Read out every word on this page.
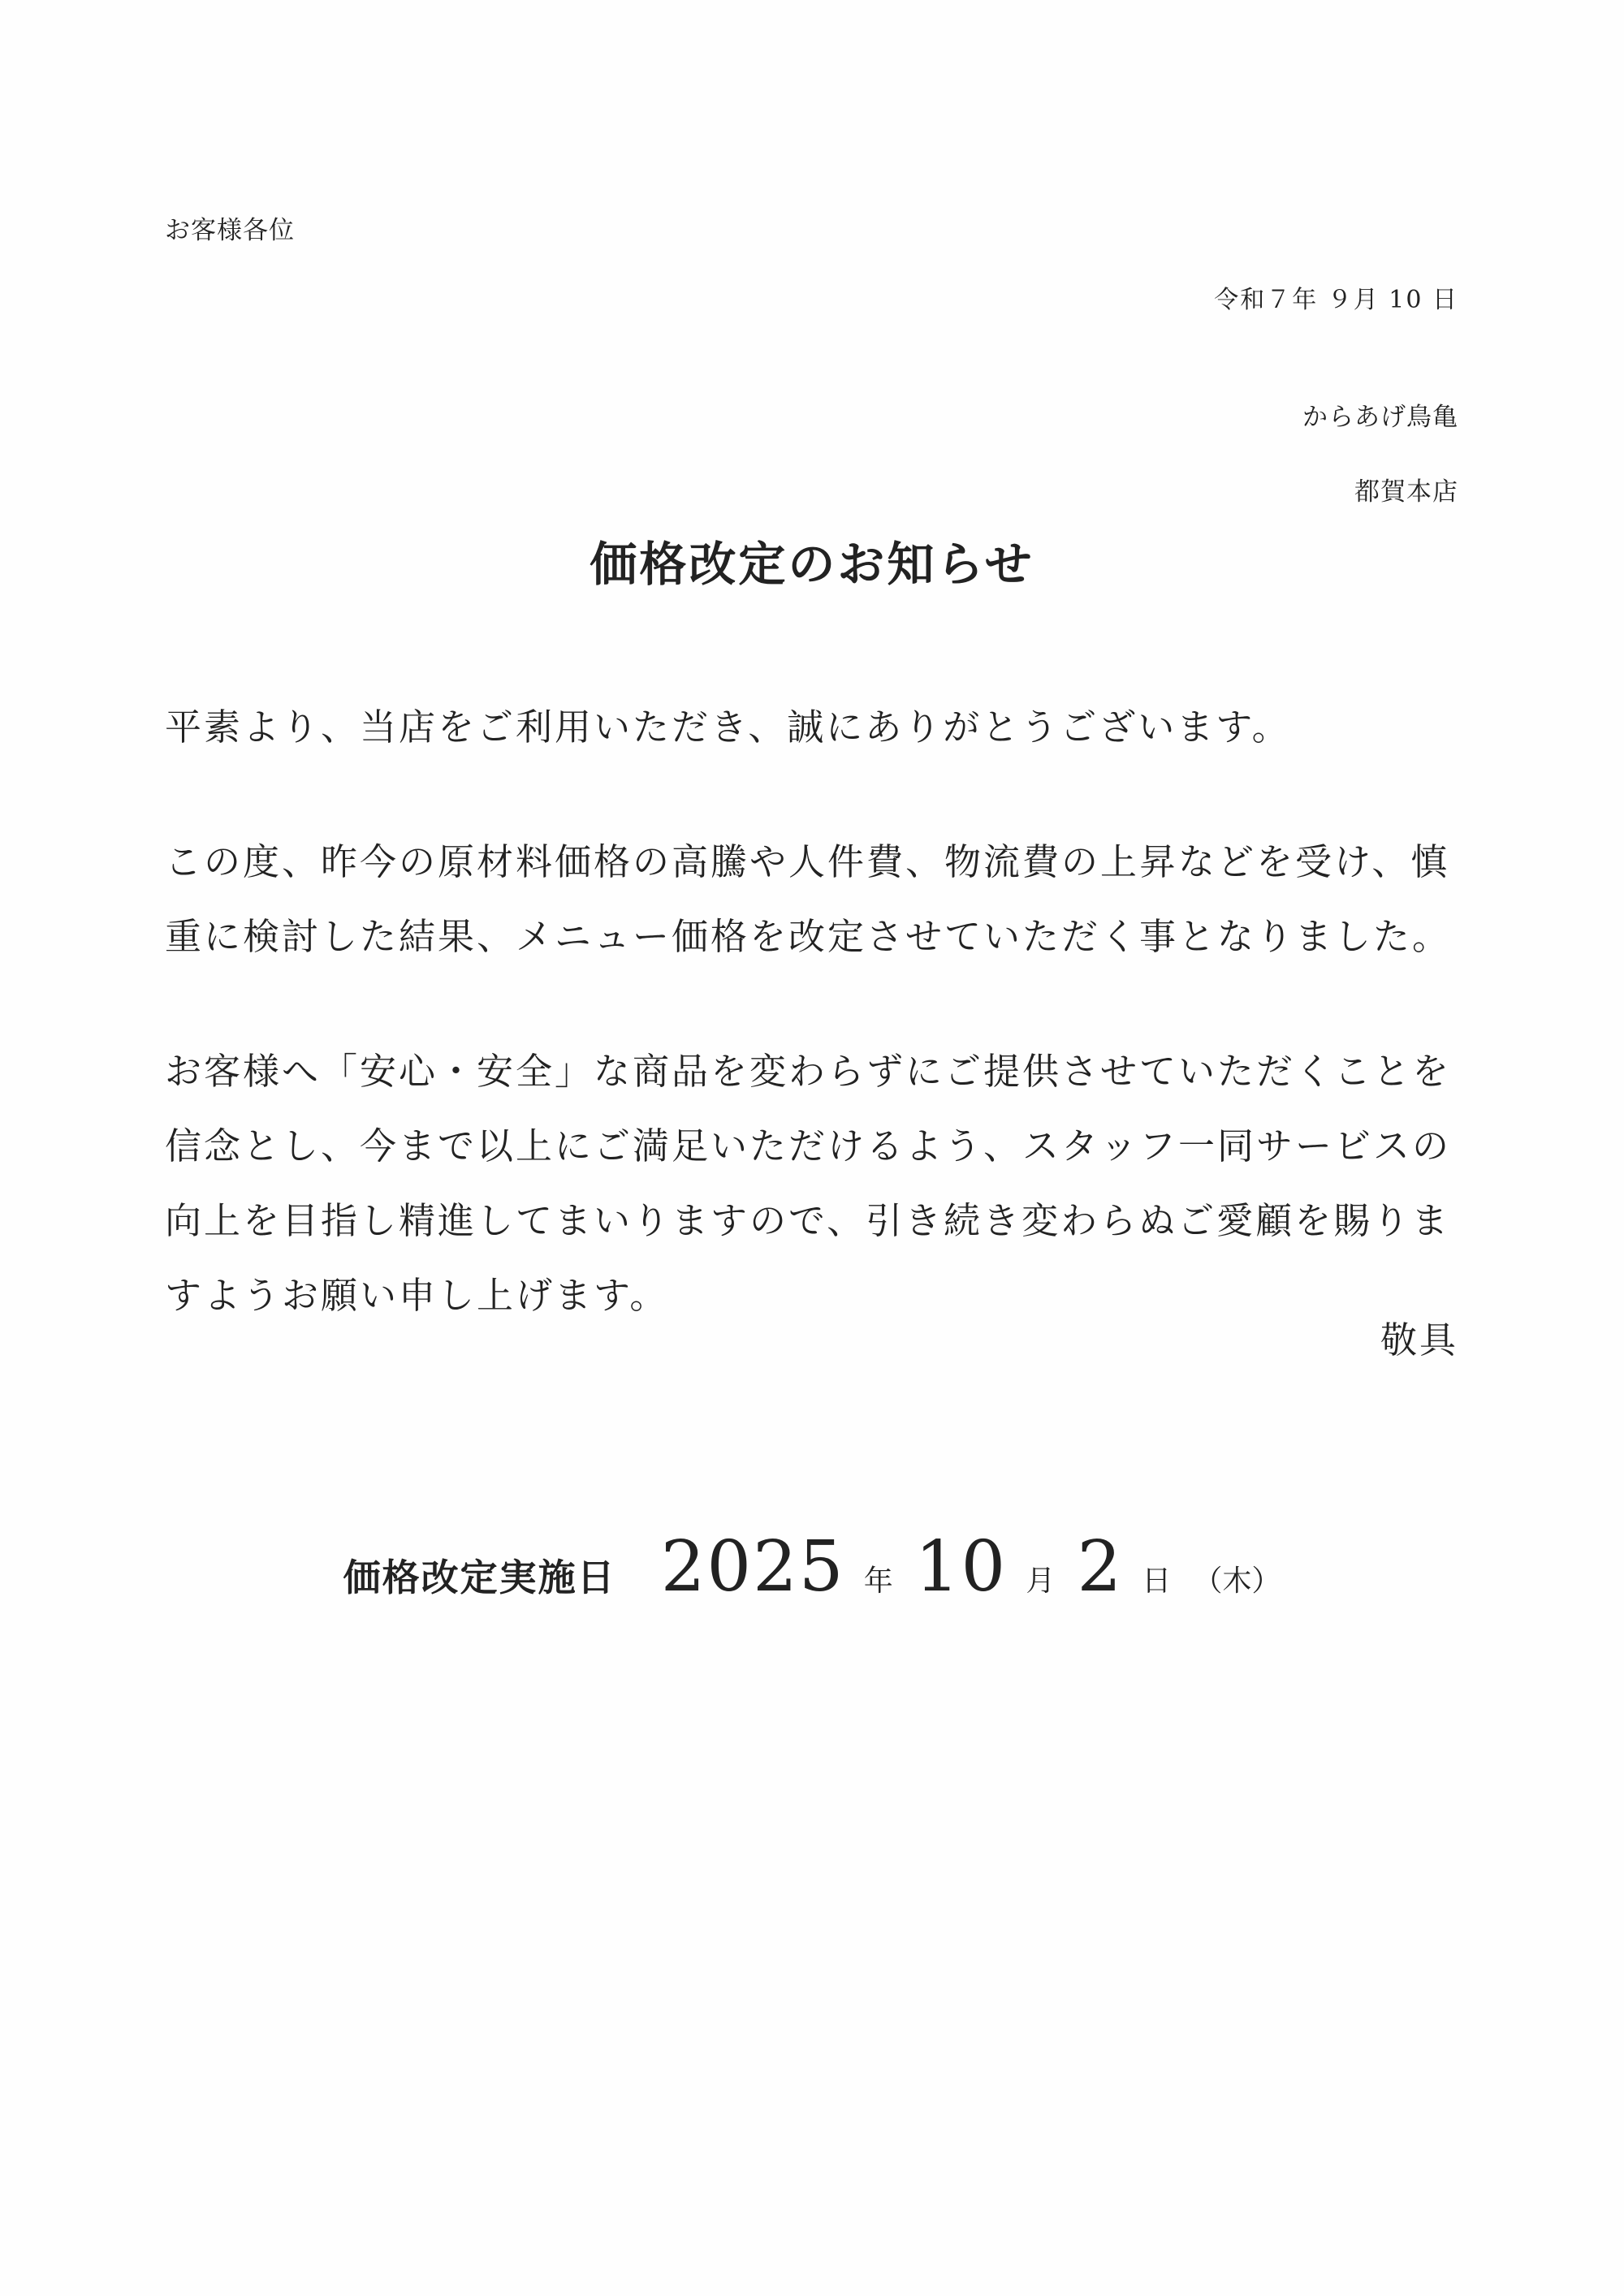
お客様各位
令和７年 ９月 10 日
からあげ鳥亀
都賀本店
価格改定のお知らせ

平素より、当店をご利用いただき、誠にありがとうございます。

この度、昨今の原材料価格の高騰や人件費、物流費の上昇などを受け、慎

重に検討した結果、メニュー価格を改定させていただく事となりました。

お客様へ「安心・安全」な商品を変わらずにご提供させていただくことを

信念とし、今まで以上にご満足いただけるよう、スタッフ一同サービスの

向上を目指し精進してまいりますので、引き続き変わらぬご愛顧を賜りま

すようお願い申し上げます。

敬具
価格改定実施日 2025 年 10 月 2 日 （木）
